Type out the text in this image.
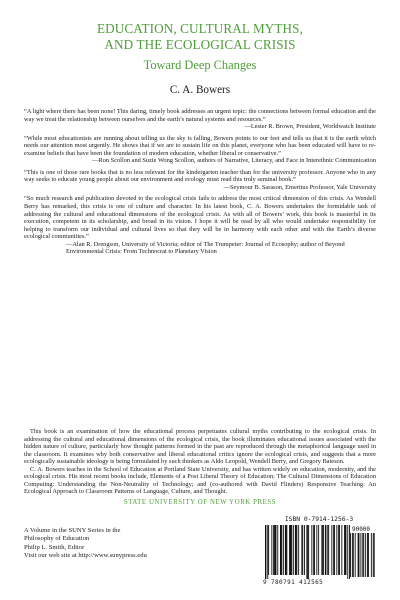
EDUCATION, CULTURAL MYTHS,
AND THE ECOLOGICAL CRISIS
Toward Deep Changes
C. A. Bowers

“A light where there has been none! This daring, timely book addresses an urgent topic: the connections between formal education and the way we treat the relationship between ourselves and the earth’s natural systems and resources.”

—Lester R. Brown, President, Worldwatch Institute

“While most educationists are running about telling us the sky is falling, Bowers points to our feet and tells us that it is the earth which needs our attention most urgently. He shows that if we are to sustain life on this planet, everyone who has been educated will have to re-examine beliefs that have been the foundation of modern education, whether liberal or conservative.”

—Ron Scollon and Suzie Wong Scollon, authors of Narrative, Literacy, and Face in Interethnic Communication

“This is one of those rare books that is no less relevant for the kindergarten teacher than for the university professor. Anyone who in any way seeks to educate young people about our environment and ecology must read this truly seminal book.”

—Seymour B. Sarason, Emeritus Professor, Yale University

“So much research and publication devoted to the ecological crisis fails to address the most critical dimension of this crisis. As Wendell Berry has remarked, this crisis is one of culture and character. In his latest book, C. A. Bowers undertakes the formidable task of addressing the cultural and educational dimensions of the ecological crisis. As with all of Bowers’ work, this book is masterful in its execution, competent in its scholarship, and broad in its vision. I hope it will be read by all who would undertake responsibility for helping to transform our individual and cultural lives so that they will be in harmony with each other and with the Earth’s diverse ecological communities.”

—Alan R. Drengson, University of Victoria; editor of The Trumpeter: Journal of Ecosophy; author of Beyond Environmental Crisis: From Technocrat to Planetary Vision

This book is an examination of how the educational process perpetuates cultural myths contributing to the ecological crisis. In addressing the cultural and educational dimensions of the ecological crisis, the book illuminates educational issues associated with the hidden nature of culture, particularly how thought patterns formed in the past are reproduced through the metaphorical language used in the classroom. It examines why both conservative and liberal educational critics ignore the ecological crisis, and suggests that a more ecologically sustainable ideology is being formulated by such thinkers as Aldo Leopold, Wendell Berry, and Gregory Bateson.

C. A. Bowers teaches in the School of Education at Portland State University, and has written widely on education, modernity, and the ecological crisis. His most recent books include, Elements of a Post Liberal Theory of Education; The Cultural Dimensions of Education Computing: Understanding the Non-Neutrality of Technology; and (co-authored with David Flinders) Responsive Teaching: An Ecological Approach to Classroom Patterns of Language, Culture, and Thought.

STATE UNIVERSITY OF NEW YORK PRESS
A Volume in the SUNY Series in the
Philosophy of Education
Philip L. Smith, Editor
Visit our web site at http://www.sunypress.edu
ISBN 0-7914-1256-3
90000
9 780791 412565
